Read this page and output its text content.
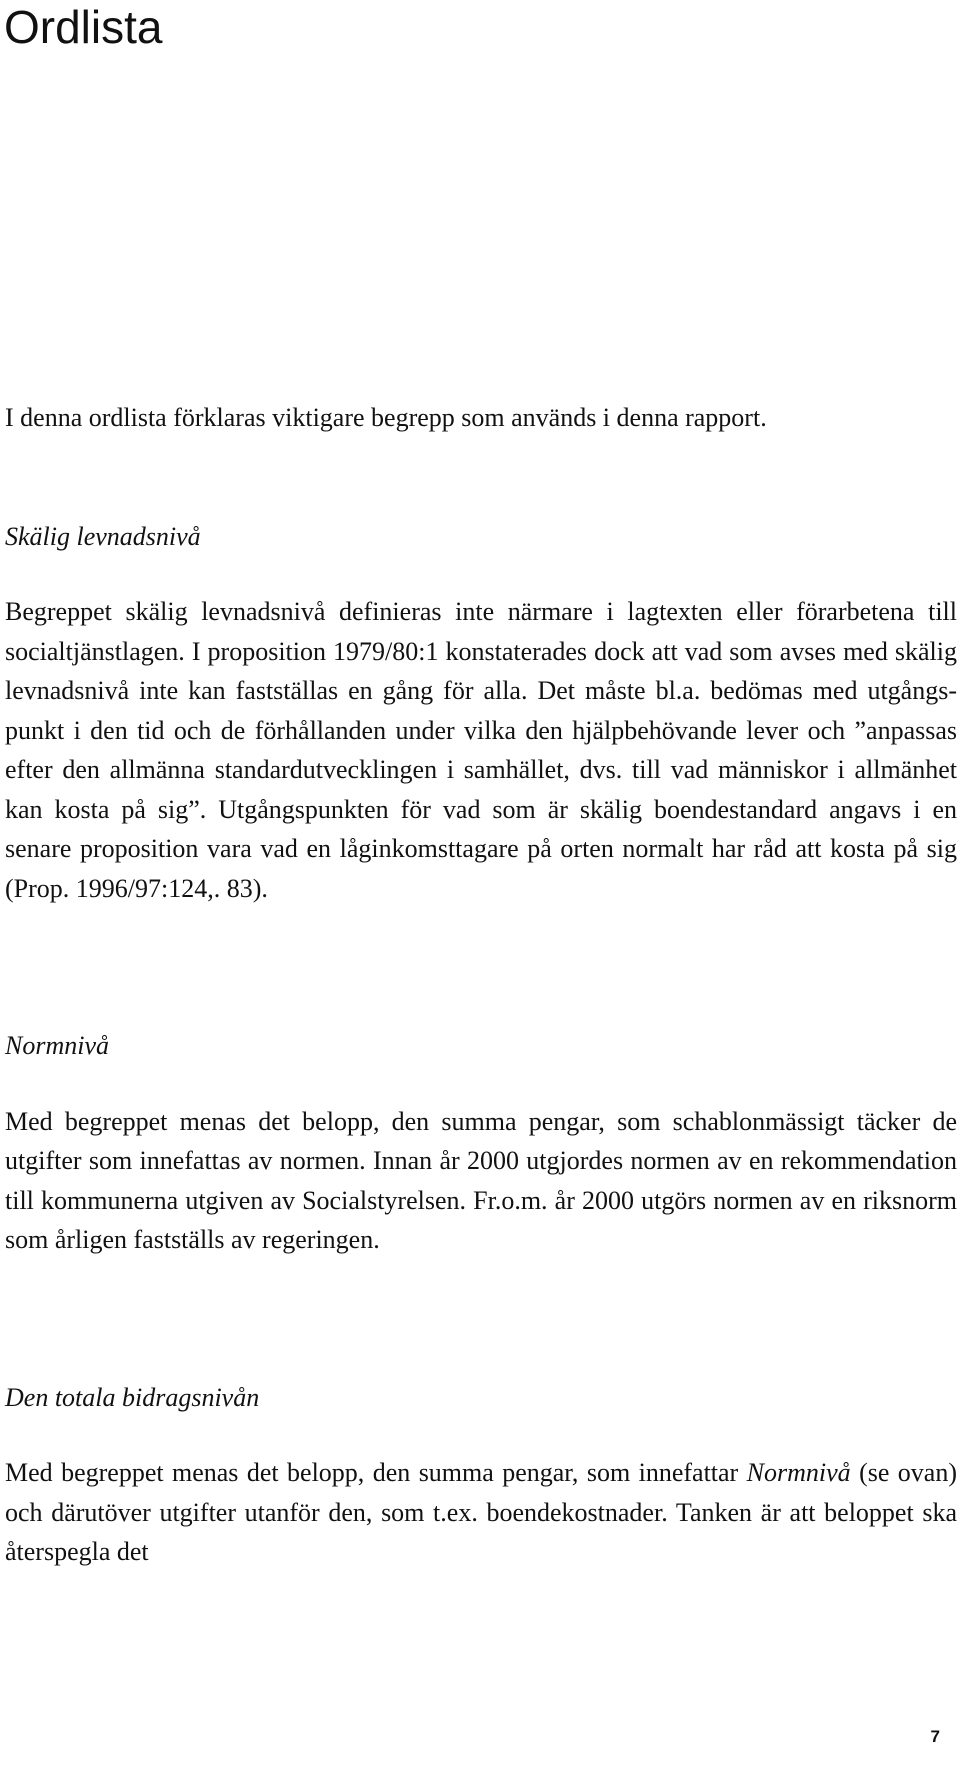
Ordlista

I denna ordlista förklaras viktigare begrepp som används i denna rapport.

Skälig levnadsnivå

Begreppet skälig levnadsnivå definieras inte närmare i lagtexten eller förarbetena till socialtjänstlagen. I proposition 1979/80:1 konstaterades dock att vad som avses med skälig levnadsnivå inte kan fastställas en gång för alla. Det måste bl.a. bedömas med utgångspunkt i den tid och de förhållanden under vilka den hjälpbehövande lever och ”anpassas efter den allmänna standardutvecklingen i samhället, dvs. till vad människor i allmänhet kan kosta på sig”. Utgångspunkten för vad som är skälig boendestandard angavs i en senare proposition vara vad en låginkomsttagare på orten normalt har råd att kosta på sig (Prop. 1996/97:124,. 83).

Normnivå

Med begreppet menas det belopp, den summa pengar, som schablonmässigt täcker de utgifter som innefattas av normen. Innan år 2000 utgjordes normen av en rekommendation till kommunerna utgiven av Socialstyrelsen. Fr.o.m. år 2000 utgörs normen av en riksnorm som årligen fastställs av regeringen.

Den totala bidragsnivån

Med begreppet menas det belopp, den summa pengar, som innefattar Normnivå (se ovan) och därutöver utgifter utanför den, som t.ex. boendekostnader. Tanken är att beloppet ska återspegla det

7
